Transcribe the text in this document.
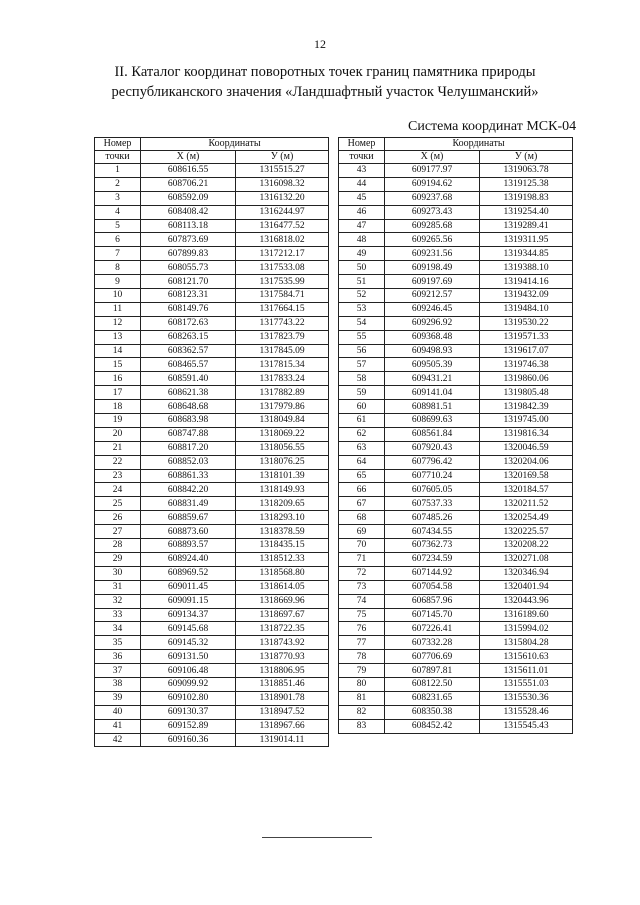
12
II. Каталог координат поворотных точек границ памятника природы
республиканского значения «Ландшафтный участок Челушманский»
Система координат МСК-04
Номер	Координаты	
точки	Х (м)	У (м)
1	608616.55	1315515.27
2	608706.21	1316098.32
3	608592.09	1316132.20
4	608408.42	1316244.97
5	608113.18	1316477.52
6	607873.69	1316818.02
7	607899.83	1317212.17
8	608055.73	1317533.08
9	608121.70	1317535.99
10	608123.31	1317584.71
11	608149.76	1317664.15
12	608172.63	1317743.22
13	608263.15	1317823.79
14	608362.57	1317845.09
15	608465.57	1317815.34
16	608591.40	1317833.24
17	608621.38	1317882.89
18	608648.68	1317979.86
19	608683.98	1318049.84
20	608747.88	1318069.22
21	608817.20	1318056.55
22	608852.03	1318076.25
23	608861.33	1318101.39
24	608842.20	1318149.93
25	608831.49	1318209.65
26	608859.67	1318293.10
27	608873.60	1318378.59
28	608893.57	1318435.15
29	608924.40	1318512.33
30	608969.52	1318568.80
31	609011.45	1318614.05
32	609091.15	1318669.96
33	609134.37	1318697.67
34	609145.68	1318722.35
35	609145.32	1318743.92
36	609131.50	1318770.93
37	609106.48	1318806.95
38	609099.92	1318851.46
39	609102.80	1318901.78
40	609130.37	1318947.52
41	609152.89	1318967.66
42	609160.36	1319014.11
Номер	Координаты	
точки	Х (м)	У (м)
43	609177.97	1319063.78
44	609194.62	1319125.38
45	609237.68	1319198.83
46	609273.43	1319254.40
47	609285.68	1319289.41
48	609265.56	1319311.95
49	609231.56	1319344.85
50	609198.49	1319388.10
51	609197.69	1319414.16
52	609212.57	1319432.09
53	609246.45	1319484.10
54	609296.92	1319530.22
55	609368.48	1319571.33
56	609498.93	1319617.07
57	609505.39	1319746.38
58	609431.21	1319860.06
59	609141.04	1319805.48
60	608981.51	1319842.39
61	608699.63	1319745.00
62	608561.84	1319816.34
63	607920.43	1320046.59
64	607796.42	1320204.06
65	607710.24	1320169.58
66	607605.05	1320184.57
67	607537.33	1320211.52
68	607485.26	1320254.49
69	607434.55	1320225.57
70	607362.73	1320208.22
71	607234.59	1320271.08
72	607144.92	1320346.94
73	607054.58	1320401.94
74	606857.96	1320443.96
75	607145.70	1316189.60
76	607226.41	1315994.02
77	607332.28	1315804.28
78	607706.69	1315610.63
79	607897.81	1315611.01
80	608122.50	1315551.03
81	608231.65	1315530.36
82	608350.38	1315528.46
83	608452.42	1315545.43
